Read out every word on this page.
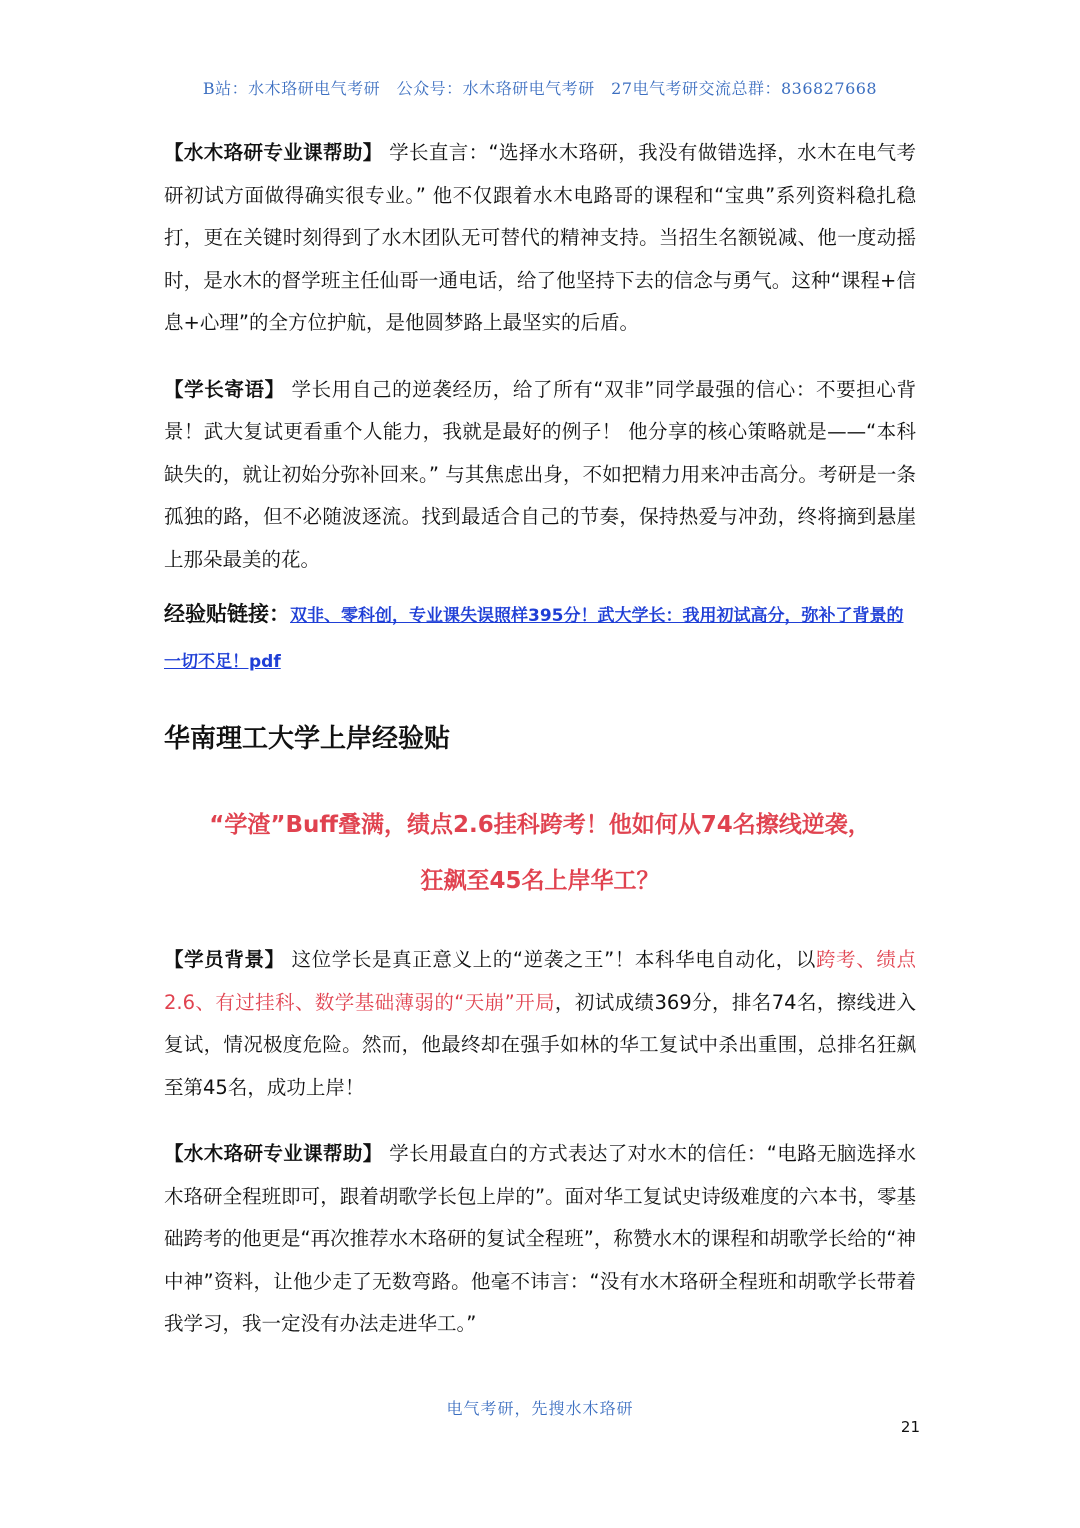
B站：水木珞研电气考研　公众号：水木珞研电气考研　27电气考研交流总群：836827668

【水木珞研专业课帮助】 学长直言：“选择水木珞研，我没有做错选择，水木在电气考研初试方面做得确实很专业。” 他不仅跟着水木电路哥的课程和“宝典”系列资料稳扎稳打，更在关键时刻得到了水木团队无可替代的精神支持。当招生名额锐减、他一度动摇时，是水木的督学班主任仙哥一通电话，给了他坚持下去的信念与勇气。这种“课程+信息+心理”的全方位护航，是他圆梦路上最坚实的后盾。

【学长寄语】 学长用自己的逆袭经历，给了所有“双非”同学最强的信心：不要担心背景！武大复试更看重个人能力，我就是最好的例子！ 他分享的核心策略就是——“本科缺失的，就让初始分弥补回来。” 与其焦虑出身，不如把精力用来冲击高分。考研是一条孤独的路，但不必随波逐流。找到最适合自己的节奏，保持热爱与冲劲，终将摘到悬崖上那朵最美的花。

经验贴链接：双非、零科创，专业课失误照样395分！武大学长：我用初试高分，弥补了背景的一切不足！pdf
华南理工大学上岸经验贴
“学渣”Buff叠满，绩点2.6挂科跨考！他如何从74名擦线逆袭，
狂飙至45名上岸华工？

【学员背景】 这位学长是真正意义上的“逆袭之王”！本科华电自动化，以跨考、绩点2.6、有过挂科、数学基础薄弱的“天崩”开局，初试成绩369分，排名74名，擦线进入复试，情况极度危险。然而，他最终却在强手如林的华工复试中杀出重围，总排名狂飙至第45名，成功上岸！

【水木珞研专业课帮助】 学长用最直白的方式表达了对水木的信任：“电路无脑选择水木珞研全程班即可，跟着胡歌学长包上岸的”。面对华工复试史诗级难度的六本书，零基础跨考的他更是“再次推荐水木珞研的复试全程班”，称赞水木的课程和胡歌学长给的“神中神”资料，让他少走了无数弯路。他毫不讳言：“没有水木珞研全程班和胡歌学长带着我学习，我一定没有办法走进华工。”

电气考研，先搜水木珞研
21
